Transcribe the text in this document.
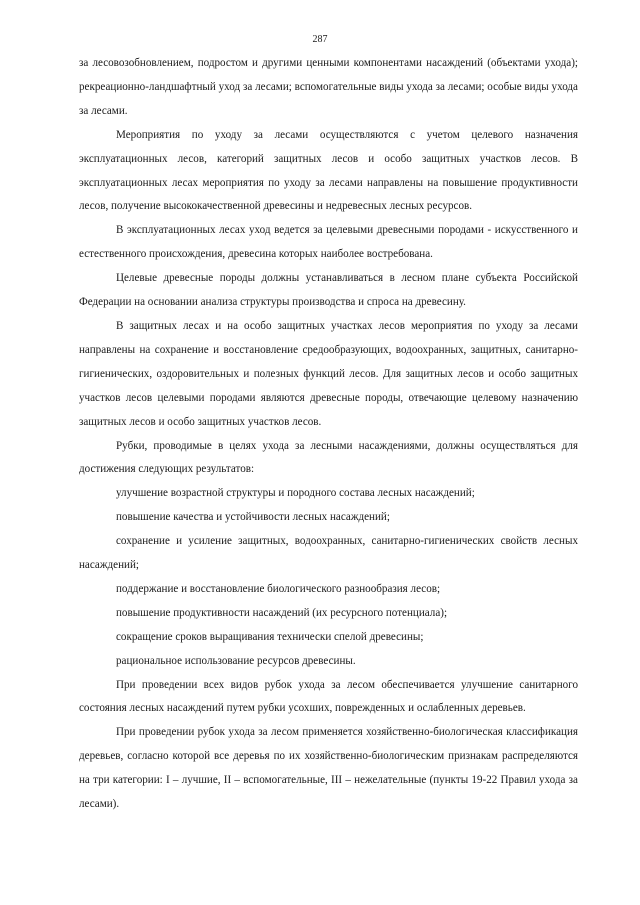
287

за лесовозобновлением, подростом и другими ценными компонентами насаждений (объектами ухода); рекреационно-ландшафтный уход за лесами; вспомогательные виды ухода за лесами; особые виды ухода за лесами.

Мероприятия по уходу за лесами осуществляются с учетом целевого назначения эксплуатационных лесов, категорий защитных лесов и особо защитных участков лесов. В эксплуатационных лесах мероприятия по уходу за лесами направлены на повышение продуктивности лесов, получение высококачественной древесины и недревесных лесных ресурсов.

В эксплуатационных лесах уход ведется за целевыми древесными породами - искусственного и естественного происхождения, древесина которых наиболее востребована.

Целевые древесные породы должны устанавливаться в лесном плане субъекта Российской Федерации на основании анализа структуры производства и спроса на древесину.

В защитных лесах и на особо защитных участках лесов мероприятия по уходу за лесами направлены на сохранение и восстановление средообразующих, водоохранных, защитных, санитарно-гигиенических, оздоровительных и полезных функций лесов. Для защитных лесов и особо защитных участков лесов целевыми породами являются древесные породы, отвечающие целевому назначению защитных лесов и особо защитных участков лесов.

Рубки, проводимые в целях ухода за лесными насаждениями, должны осуществляться для достижения следующих результатов:

улучшение возрастной структуры и породного состава лесных насаждений;

повышение качества и устойчивости лесных насаждений;

сохранение и усиление защитных, водоохранных, санитарно-гигиенических свойств лесных насаждений;

поддержание и восстановление биологического разнообразия лесов;

повышение продуктивности насаждений (их ресурсного потенциала);

сокращение сроков выращивания технически спелой древесины;

рациональное использование ресурсов древесины.

При проведении всех видов рубок ухода за лесом обеспечивается улучшение санитарного состояния лесных насаждений путем рубки усохших, поврежденных и ослабленных деревьев.

При проведении рубок ухода за лесом применяется хозяйственно-биологическая классификация деревьев, согласно которой все деревья по их хозяйственно-биологическим признакам распределяются на три категории: I – лучшие, II – вспомогательные, III – нежелательные (пункты 19-22 Правил ухода за лесами).
